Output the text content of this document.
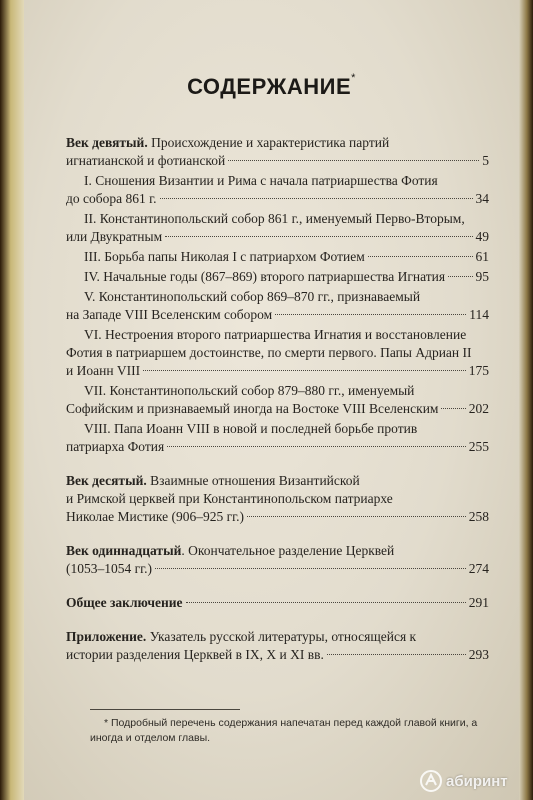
СОДЕРЖАНИЕ*
Век девятый. Происхождение и характеристика партий
игнатианской и фотианской	5
I. Сношения Византии и Рима с начала патриаршества Фотия
до собора 861 г.	34
II. Константинопольский собор 861 г., именуемый Перво-Вторым,
или Двукратным	49
III. Борьба папы Николая I с патриархом Фотием	61
IV. Начальные годы (867–869) второго патриаршества Игнатия 95
V. Константинопольский собор 869–870 гг., признаваемый
на Западе VIII Вселенским собором	114
VI. Нестроения второго патриаршества Игнатия и восстановление
Фотия в патриаршем достоинстве, по смерти первого. Папы Адриан II
и Иоанн VIII	175
VII. Константинопольский собор 879–880 гг., именуемый
Софийским и признаваемый иногда на Востоке VIII Вселенским 202
VIII. Папа Иоанн VIII в новой и последней борьбе против
патриарха Фотия	255
Век десятый. Взаимные отношения Византийской
и Римской церквей при Константинопольском патриархе
Николае Мистике (906–925 гг.)	258
Век одиннадцатый. Окончательное разделение Церквей
(1053–1054 гг.)	274
Общее заключение	291
Приложение. Указатель русской литературы, относящейся к
истории разделения Церквей в IX, X и XI вв.	293
* Подробный перечень содержания напечатан перед каждой главой книги, а иногда и отделом главы.
абиринт
